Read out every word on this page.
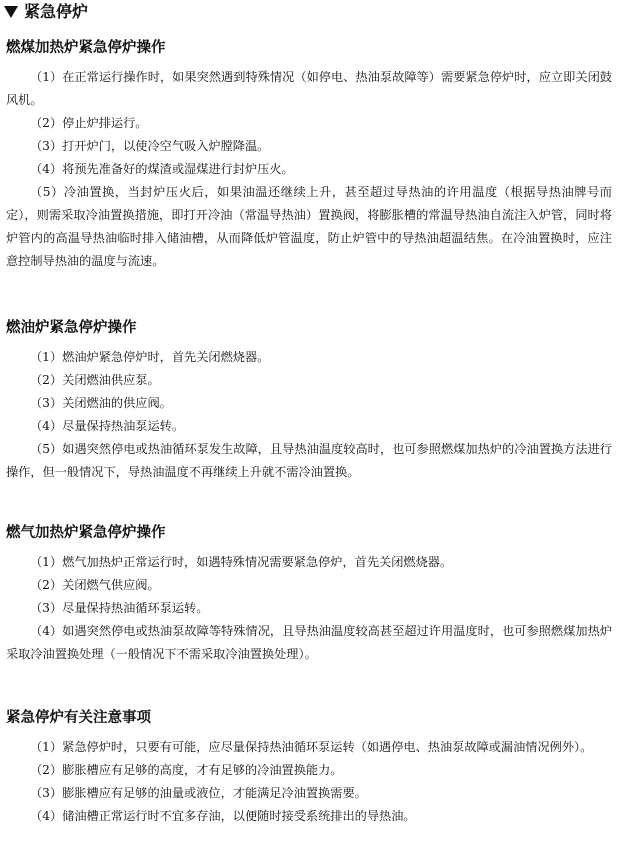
紧急停炉
燃煤加热炉紧急停炉操作

（1）在正常运行操作时，如果突然遇到特殊情况（如停电、热油泵故障等）需要紧急停炉时，应立即关闭鼓风机。

（2）停止炉排运行。

（3）打开炉门，以使冷空气吸入炉膛降温。

（4）将预先准备好的煤渣或湿煤进行封炉压火。

（5）冷油置换，当封炉压火后，如果油温还继续上升，甚至超过导热油的许用温度（根据导热油牌号而定），则需采取冷油置换措施，即打开冷油（常温导热油）置换阀，将膨胀槽的常温导热油自流注入炉管，同时将炉管内的高温导热油临时排入储油槽，从而降低炉管温度，防止炉管中的导热油超温结焦。在冷油置换时，应注意控制导热油的温度与流速。

燃油炉紧急停炉操作

（1）燃油炉紧急停炉时，首先关闭燃烧器。

（2）关闭燃油供应泵。

（3）关闭燃油的供应阀。

（4）尽量保持热油泵运转。

（5）如遇突然停电或热油循环泵发生故障，且导热油温度较高时，也可参照燃煤加热炉的冷油置换方法进行操作，但一般情况下，导热油温度不再继续上升就不需冷油置换。

燃气加热炉紧急停炉操作

（1）燃气加热炉正常运行时，如遇特殊情况需要紧急停炉，首先关闭燃烧器。

（2）关闭燃气供应阀。

（3）尽量保持热油循环泵运转。

（4）如遇突然停电或热油泵故障等特殊情况，且导热油温度较高甚至超过许用温度时，也可参照燃煤加热炉采取冷油置换处理（一般情况下不需采取冷油置换处理）。

紧急停炉有关注意事项

（1）紧急停炉时，只要有可能，应尽量保持热油循环泵运转（如遇停电、热油泵故障或漏油情况例外）。

（2）膨胀槽应有足够的高度，才有足够的冷油置换能力。

（3）膨胀槽应有足够的油量或液位，才能满足冷油置换需要。

（4）储油槽正常运行时不宜多存油，以便随时接受系统排出的导热油。
